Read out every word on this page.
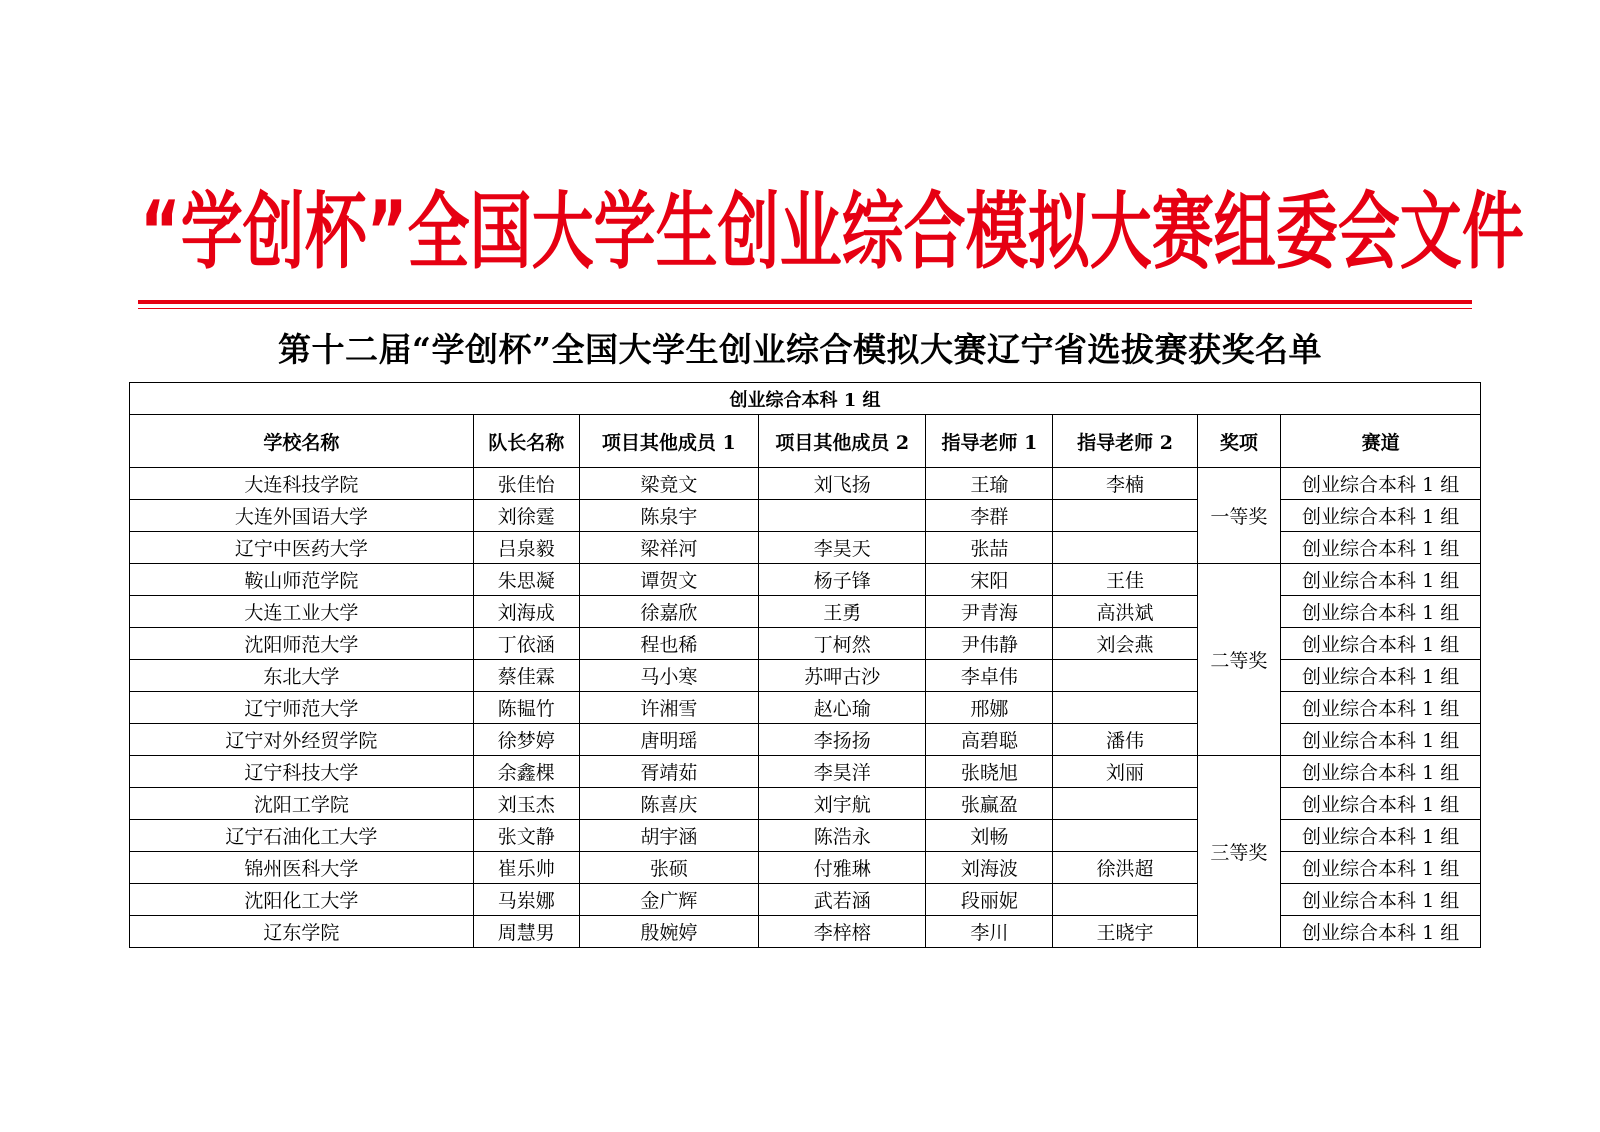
“ 学 创 杯 ” 全 国 大 学 生 创 业 综 合 模 拟 大 赛 组 委 会 文 件
第十二届“学创杯”全国大学生创业综合模拟大赛辽宁省选拔赛获奖名单
创业综合本科 1 组							
学校名称	队长名称	项目其他成员 1	项目其他成员 2	指导老师 1	指导老师 2	奖项	赛道
大连科技学院	张佳怡	梁竟文	刘飞扬	王瑜	李楠	一等奖	创业综合本科 1 组
大连外国语大学	刘徐霆	陈泉宇		李群			创业综合本科 1 组
辽宁中医药大学	吕泉毅	梁祥河	李昊天	张喆			创业综合本科 1 组
鞍山师范学院	朱思凝	谭贺文	杨子锋	宋阳	王佳	二等奖	创业综合本科 1 组
大连工业大学	刘海成	徐嘉欣	王勇	尹青海	高洪斌		创业综合本科 1 组
沈阳师范大学	丁依涵	程也稀	丁柯然	尹伟静	刘会燕		创业综合本科 1 组
东北大学	蔡佳霖	马小寒	苏呷古沙	李卓伟			创业综合本科 1 组
辽宁师范大学	陈韫竹	许湘雪	赵心瑜	邢娜			创业综合本科 1 组
辽宁对外经贸学院	徐梦婷	唐明瑶	李扬扬	高碧聪	潘伟		创业综合本科 1 组
辽宁科技大学	余鑫棵	胥靖茹	李昊洋	张晓旭	刘丽	三等奖	创业综合本科 1 组
沈阳工学院	刘玉杰	陈喜庆	刘宇航	张赢盈			创业综合本科 1 组
辽宁石油化工大学	张文静	胡宇涵	陈浩永	刘畅			创业综合本科 1 组
锦州医科大学	崔乐帅	张硕	付雅琳	刘海波	徐洪超		创业综合本科 1 组
沈阳化工大学	马岽娜	金广辉	武若涵	段丽妮			创业综合本科 1 组
辽东学院	周慧男	殷婉婷	李梓榕	李川	王晓宇		创业综合本科 1 组
